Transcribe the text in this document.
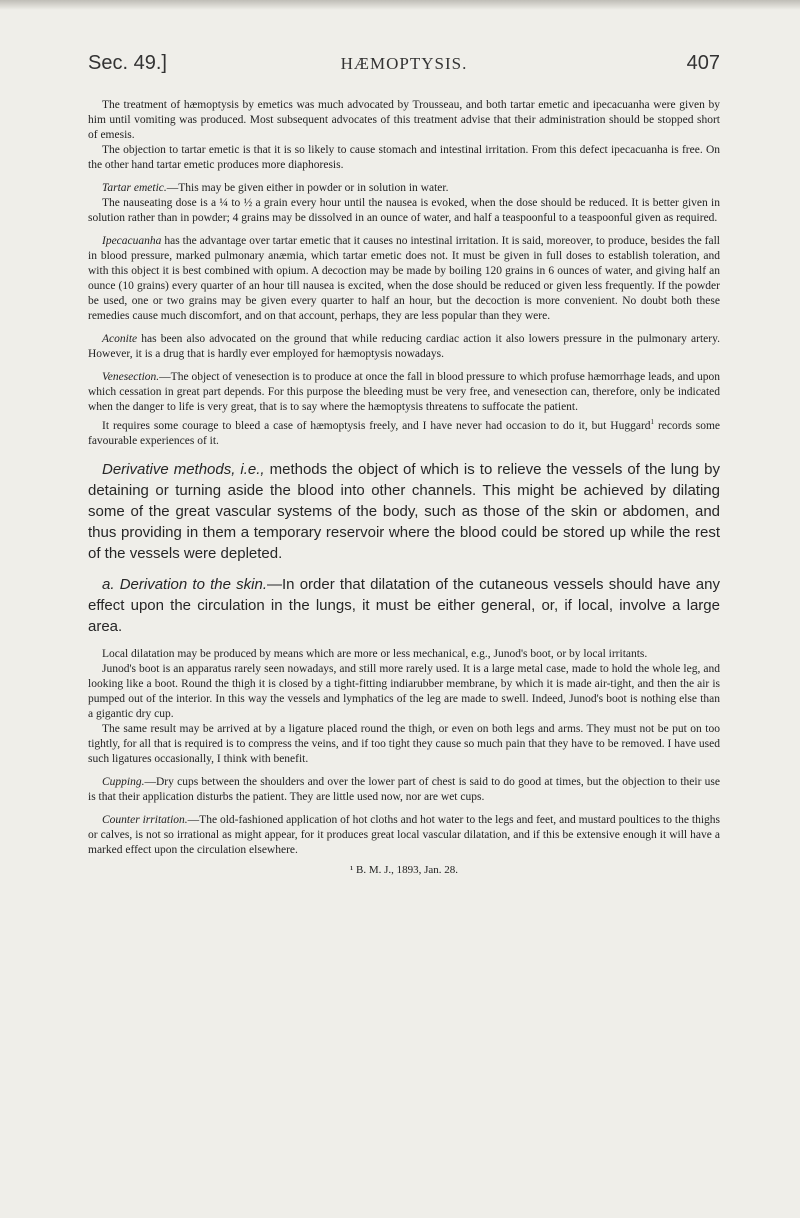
Sec. 49.]	HÆMOPTYSIS.	407

The treatment of hæmoptysis by emetics was much advocated by Trousseau, and both tartar emetic and ipecacuanha were given by him until vomiting was produced. Most subsequent advocates of this treatment advise that their administration should be stopped short of emesis.

The objection to tartar emetic is that it is so likely to cause stomach and intestinal irritation. From this defect ipecacuanha is free. On the other hand tartar emetic produces more diaphoresis.

Tartar emetic.—This may be given either in powder or in solution in water.

The nauseating dose is a ¼ to ½ a grain every hour until the nausea is evoked, when the dose should be reduced. It is better given in solution rather than in powder; 4 grains may be dissolved in an ounce of water, and half a teaspoonful to a teaspoonful given as required.

Ipecacuanha has the advantage over tartar emetic that it causes no intestinal irritation. It is said, moreover, to produce, besides the fall in blood pressure, marked pulmonary anæmia, which tartar emetic does not. It must be given in full doses to establish toleration, and with this object it is best combined with opium. A decoction may be made by boiling 120 grains in 6 ounces of water, and giving half an ounce (10 grains) every quarter of an hour till nausea is excited, when the dose should be reduced or given less frequently. If the powder be used, one or two grains may be given every quarter to half an hour, but the decoction is more convenient. No doubt both these remedies cause much discomfort, and on that account, perhaps, they are less popular than they were.

Aconite has been also advocated on the ground that while reducing cardiac action it also lowers pressure in the pulmonary artery. However, it is a drug that is hardly ever employed for hæmoptysis nowadays.

Venesection.—The object of venesection is to produce at once the fall in blood pressure to which profuse hæmorrhage leads, and upon which cessation in great part depends. For this purpose the bleeding must be very free, and venesection can, therefore, only be indicated when the danger to life is very great, that is to say where the hæmoptysis threatens to suffocate the patient.

It requires some courage to bleed a case of hæmoptysis freely, and I have never had occasion to do it, but Huggard$^1$ records some favourable experiences of it.

Derivative methods, i.e., methods the object of which is to relieve the vessels of the lung by detaining or turning aside the blood into other channels. This might be achieved by dilating some of the great vascular systems of the body, such as those of the skin or abdomen, and thus providing in them a temporary reservoir where the blood could be stored up while the rest of the vessels were depleted.

a. Derivation to the skin.—In order that dilatation of the cutaneous vessels should have any effect upon the circulation in the lungs, it must be either general, or, if local, involve a large area.

Local dilatation may be produced by means which are more or less mechanical, e.g., Junod's boot, or by local irritants.

Junod's boot is an apparatus rarely seen nowadays, and still more rarely used. It is a large metal case, made to hold the whole leg, and looking like a boot. Round the thigh it is closed by a tight-fitting indiarubber membrane, by which it is made air-tight, and then the air is pumped out of the interior. In this way the vessels and lymphatics of the leg are made to swell. Indeed, Junod's boot is nothing else than a gigantic dry cup.

The same result may be arrived at by a ligature placed round the thigh, or even on both legs and arms. They must not be put on too tightly, for all that is required is to compress the veins, and if too tight they cause so much pain that they have to be removed. I have used such ligatures occasionally, I think with benefit.

Cupping.—Dry cups between the shoulders and over the lower part of chest is said to do good at times, but the objection to their use is that their application disturbs the patient. They are little used now, nor are wet cups.

Counter irritation.—The old-fashioned application of hot cloths and hot water to the legs and feet, and mustard poultices to the thighs or calves, is not so irrational as might appear, for it produces great local vascular dilatation, and if this be extensive enough it will have a marked effect upon the circulation elsewhere.

¹ B. M. J., 1893, Jan. 28.
